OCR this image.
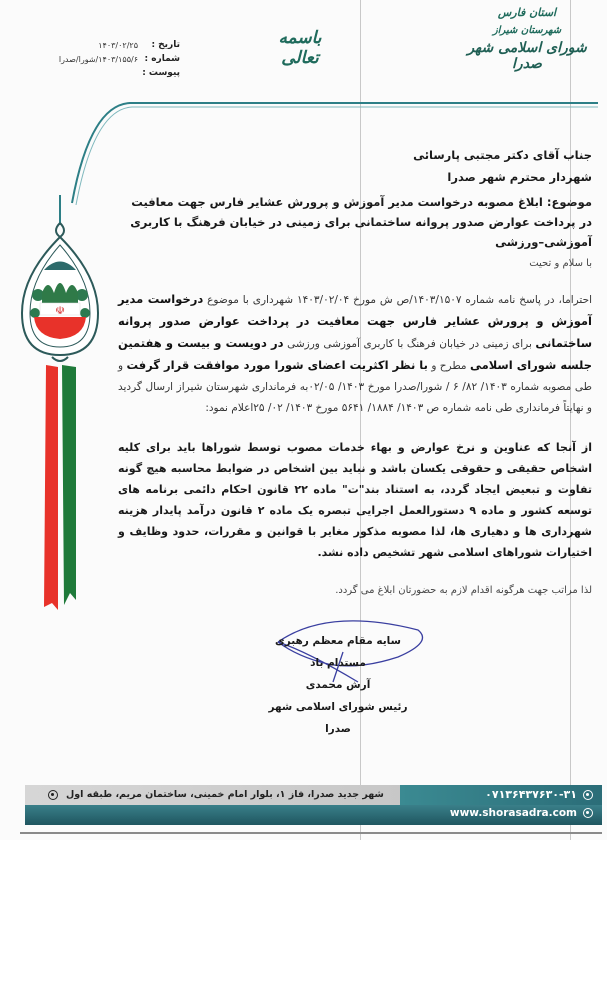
استان فارس
شهرستان شیراز
شورای اسلامی شهر صدرا
باسمه تعالی
تاریخ :
۱۴۰۳/۰۲/۲۵
شماره :
۱۴۰۳/۱۵۵/۶/شورا/صدرا
پیوست :
☫
جناب آقای دکتر مجتبی پارسائی
شهردار محترم شهر صدرا
موضوع: ابلاغ مصوبه درخواست مدیر آموزش و پرورش عشایر فارس جهت معافیت در پرداخت عوارض صدور پروانه ساختمانی برای زمینی در خیابان فرهنگ با کاربری آموزشی–ورزشی
با سلام و تحیت
احتراما، در پاسخ نامه شماره ۱۴۰۳/۱۵۰۷/ص ش مورخ ۱۴۰۳/۰۲/۰۴ شهرداری با موضوع درخواست مدیر آموزش و پرورش عشایر فارس جهت معافیت در پرداخت عوارض صدور پروانه ساختمانی برای زمینی در خیابان فرهنگ با کاربری آموزشی ورزشی در دویست و بیست و هفتمین جلسه شورای اسلامی مطرح و با نظر اکثریت اعضای شورا مورد موافقت قرار گرفت و طی مصوبه شماره ۱۴۰۳/ ۸۲/ ۶ / شورا/صدرا مورخ ۱۴۰۳/ ۰۲/۰۵به فرمانداری شهرستان شیراز ارسال گردید و نهایتاً فرمانداری طی نامه شماره ص ۱۴۰۳/ ۱۸۸۴/ ۵۶۴۱ مورخ ۱۴۰۳/ ۰۲/ ۲۵اعلام نمود:
از آنجا که عناوین و نرخ عوارض و بهاء خدمات مصوب توسط شوراها باید برای کلیه اشخاص حقیقی و حقوقی یکسان باشد و نباید بین اشخاص در ضوابط محاسبه هیچ گونه تفاوت و تبعیض ایجاد گردد، به استناد بند"ت" ماده ۲۲ قانون احکام دائمی برنامه های توسعه کشور و ماده ۹ دستورالعمل اجرایی تبصره یک ماده ۲ قانون درآمد پایدار هزینه شهرداری ها و دهیاری ها، لذا مصوبه مذکور مغایر با قوانین و مقررات، حدود وظایف و اختیارات شوراهای اسلامی شهر تشخیص داده نشد.
لذا مراتب جهت هرگونه اقدام لازم به حضورتان ابلاغ می گردد.
سایه مقام معظم رهبری مستدام باد
آرش محمدی
رئیس شورای اسلامی شهر صدرا
شهر جدید صدرا، فاز ۱، بلوار امام خمینی، ساختمان مریم، طبقه اول	۰۷۱۳۶۴۳۷۶۳۰-۳۱
www.shorasadra.com
